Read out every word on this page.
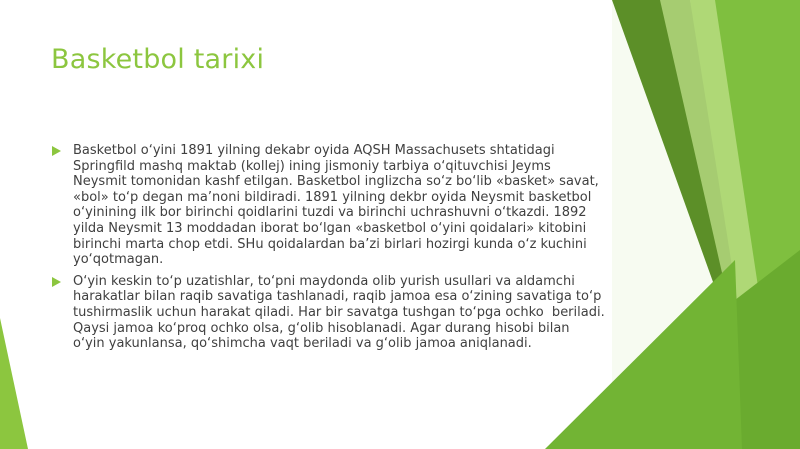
Basketbol tarixi
Basketbol o‘yini 1891 yilning dekabr oyida AQSH Massachusets shtatidagi Springfild mashq maktab (kollej) ining jismoniy tarbiya o‘qituvchisi Jeyms Neysmit tomonidan kashf etilgan. Basketbol inglizcha so‘z bo‘lib «basket» savat, «bol» to‘p degan ma’noni bildiradi. 1891 yilning dekbr oyida Neysmit basketbol o‘yinining ilk bor birinchi qoidlarini tuzdi va birinchi uchrashuvni o‘tkazdi. 1892  yilda Neysmit 13 moddadan iborat bo‘lgan «basketbol o‘yini qoidalari» kitobini birinchi marta chop etdi. SHu qoidalardan ba’zi birlari hozirgi kunda o‘z kuchini yo‘qotmagan.
O‘yin keskin to‘p uzatishlar, to‘pni maydonda olib yurish usullari va aldamchi harakatlar bilan raqib savatiga tashlanadi, raqib jamoa esa o‘zining savatiga to‘p tushirmaslik uchun harakat qiladi. Har bir savatga tushgan to‘pga ochko  beriladi. Qaysi jamoa ko‘proq ochko olsa, g‘olib hisoblanadi. Agar durang hisobi bilan o‘yin yakunlansa, qo‘shimcha vaqt beriladi va g‘olib jamoa aniqlanadi.
